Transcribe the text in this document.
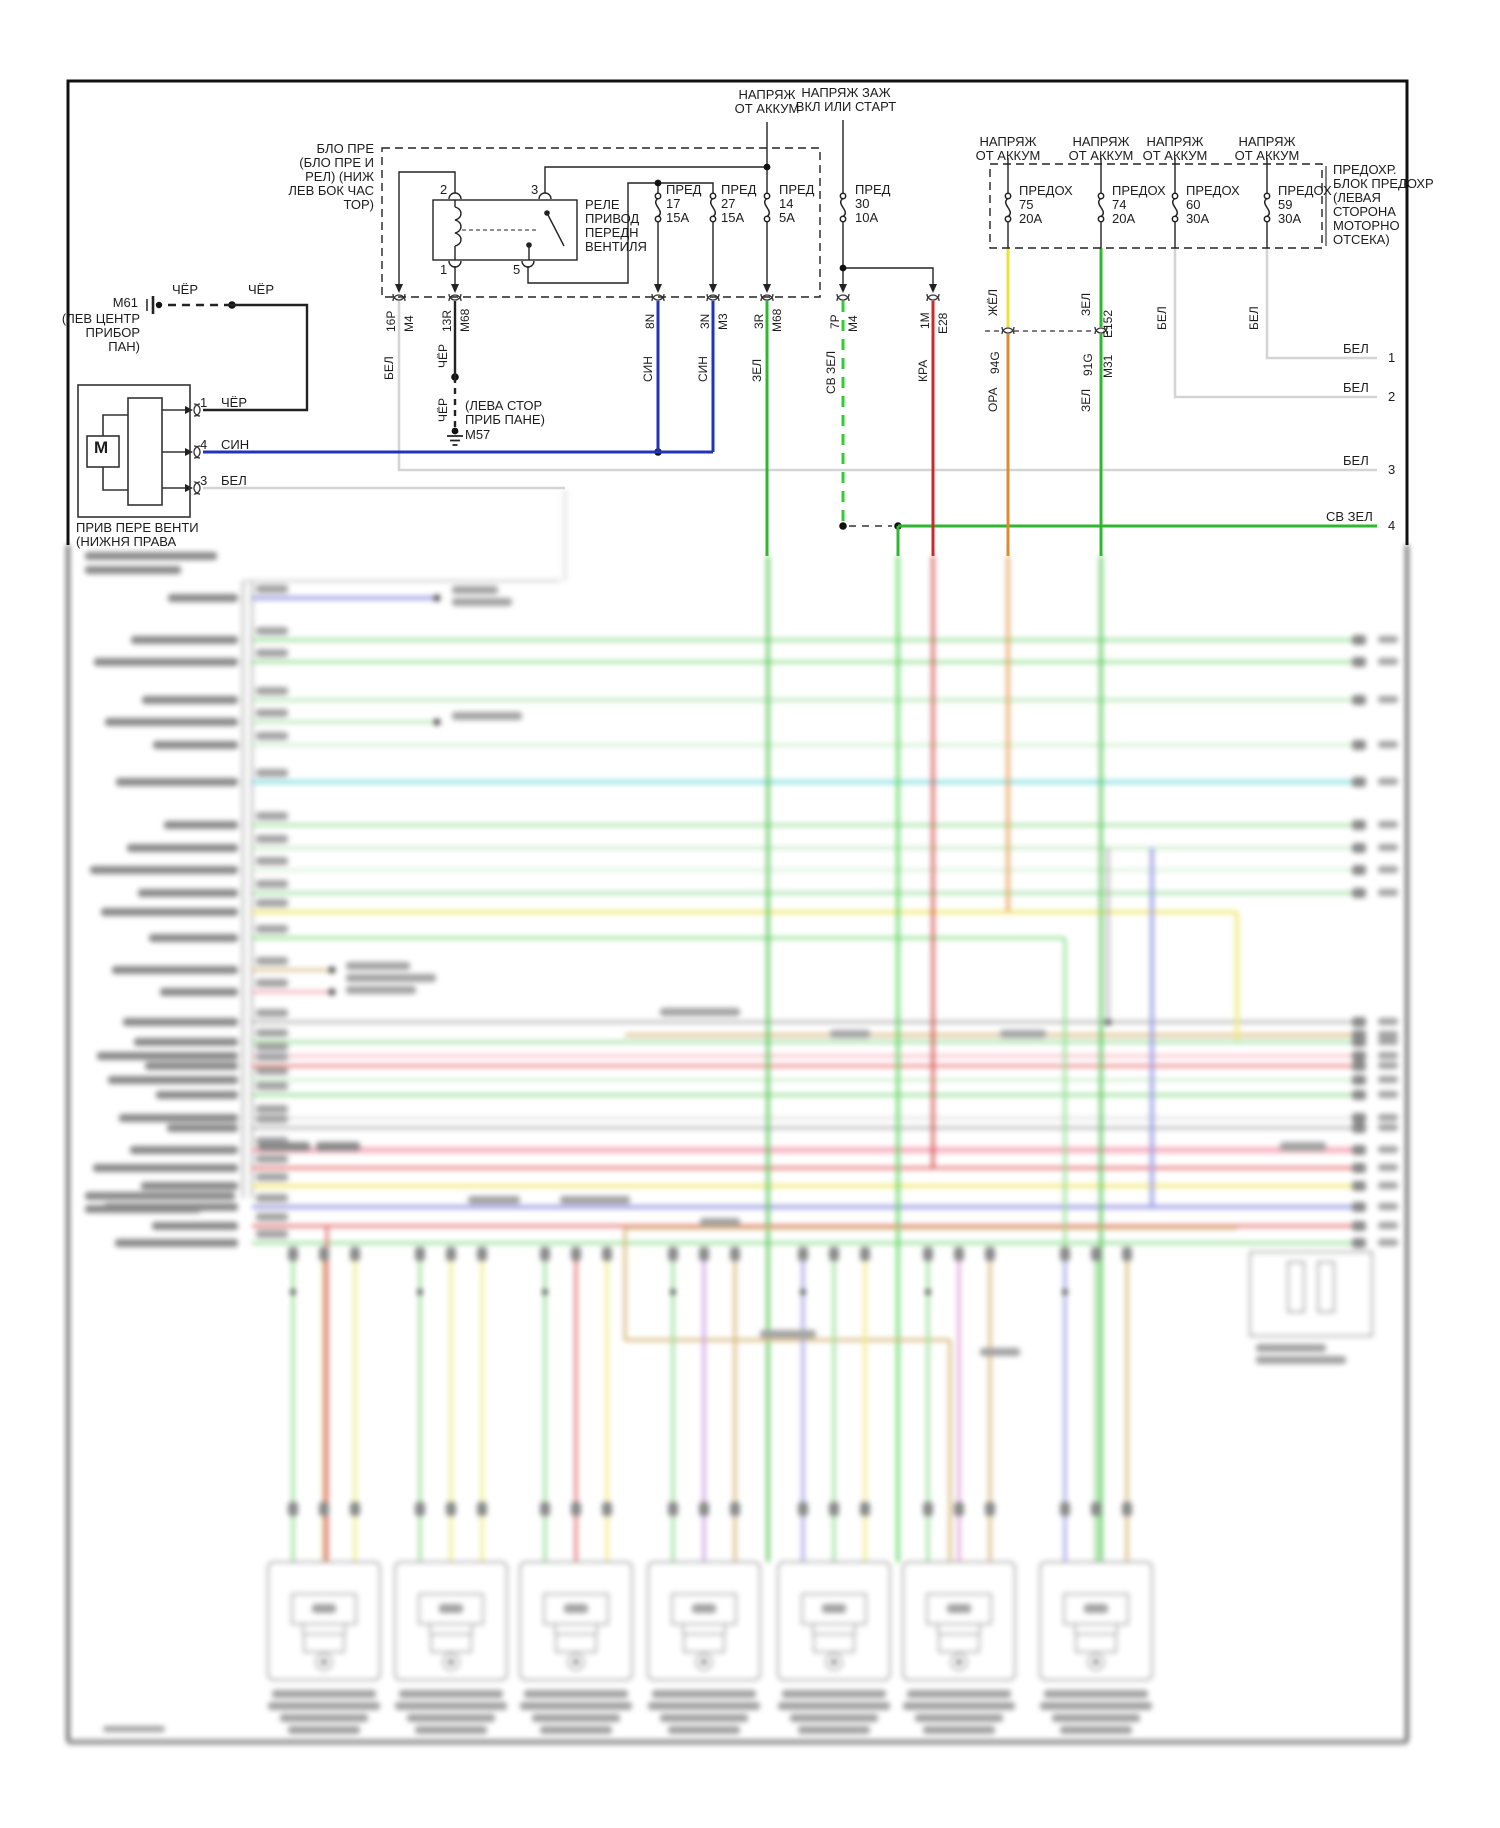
М61
(ЛЕВ ЦЕНТР
ПРИБОР
ПАН)
ЧЁР	ЧЁР
1 ЧЁР
4 СИН
3 БЕЛ
М
ПРИВ ПЕРЕ ВЕНТИ
(НИЖНЯ ПРАВА
БЛО ПРЕ
(БЛО ПРЕ И
РЕЛ) (НИЖ
ЛЕВ БОК ЧАС
ТОР)	РЕЛЕ
ПРИВОД
ПЕРЕДН
ВЕНТИЛЯ
2	3
1	5
ПРЕД
17
15А
ПРЕД
27
15А
ПРЕД
14
5А
ПРЕД
30
10А
НАПРЯЖ
ОТ АККУМ
НАПРЯЖ ЗАЖ
ВКЛ ИЛИ СТАРТ
НАПРЯЖ
ОТ АККУМ
НАПРЯЖ
ОТ АККУМ
НАПРЯЖ
ОТ АККУМ
НАПРЯЖ
ОТ АККУМ
ПРЕДОХ
75
20А
ПРЕДОХ
74
20А
ПРЕДОХ
60
30А
ПРЕДОХ
59
30А
ПРЕДОХР.
БЛОК ПРЕДОХР
(ЛЕВАЯ
СТОРОНА
МОТОРНО
ОТСЕКА)
(ЛЕВА СТОР
ПРИБ ПАНЕ)
М57
БЕЛ
1
БЕЛ
2
БЕЛ
3
СВ ЗЕЛ
4
16P М4
БЕЛ
13R М68
ЧЁР
ЧЁР
8N
СИН
3N М3
СИН
3R М68
ЗЕЛ
7P М4
СВ ЗЕЛ
1М Е28
КРА
ЖЁЛ
94G
ОРА
ЗЕЛ
Е152
91G М31
ЗЕЛ
БЕЛ	БЕЛ
